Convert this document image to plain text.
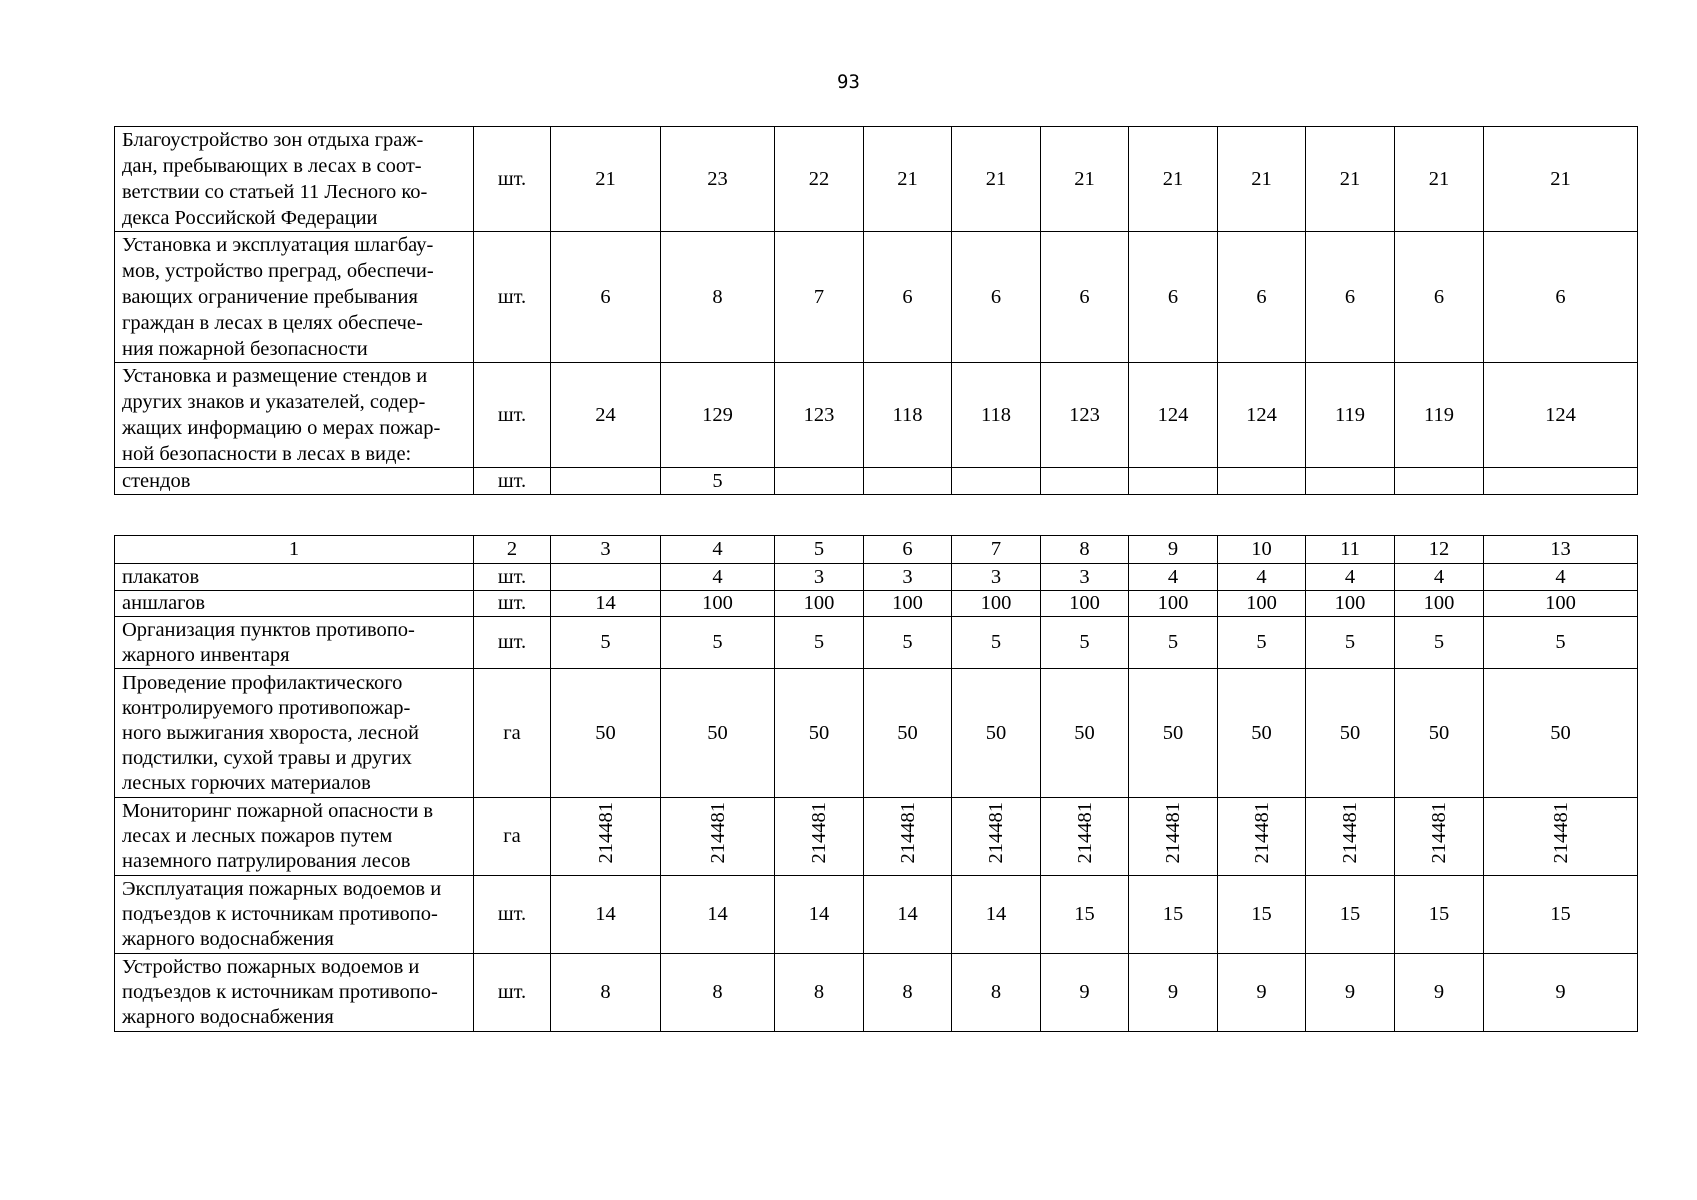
93
Благоустройство зон отдыха граж-
дан, пребывающих в лесах в соот-
ветствии со статьей 11 Лесного ко-
декса Российской Федерации	шт.	21	23	22	21	21	21	21	21	21	21	21
Установка и эксплуатация шлагбау-
мов, устройство преград, обеспечи-
вающих ограничение пребывания
граждан в лесах в целях обеспече-
ния пожарной безопасности	шт.	6	8	7	6	6	6	6	6	6	6	6
Установка и размещение стендов и
других знаков и указателей, содер-
жащих информацию о мерах пожар-
ной безопасности в лесах в виде:	шт.	24	129	123	118	118	123	124	124	119	119	124
стендов	шт.		5									
1	2	3	4	5	6	7	8	9	10	11	12	13
плакатов	шт.		4	3	3	3	3	4	4	4	4	4
аншлагов	шт.	14	100	100	100	100	100	100	100	100	100	100
Организация пунктов противопо-
жарного инвентаря	шт.	5	5	5	5	5	5	5	5	5	5	5
Проведение профилактического
контролируемого противопожар-
ного выжигания хвороста, лесной
подстилки, сухой травы и других
лесных горючих материалов	га	50	50	50	50	50	50	50	50	50	50	50
Мониторинг пожарной опасности в
лесах и лесных пожаров путем
наземного патрулирования лесов	га	214481	214481	214481	214481	214481	214481	214481	214481	214481	214481	214481
Эксплуатация пожарных водоемов и
подъездов к источникам противопо-
жарного водоснабжения	шт.	14	14	14	14	14	15	15	15	15	15	15
Устройство пожарных водоемов и
подъездов к источникам противопо-
жарного водоснабжения	шт.	8	8	8	8	8	9	9	9	9	9	9
